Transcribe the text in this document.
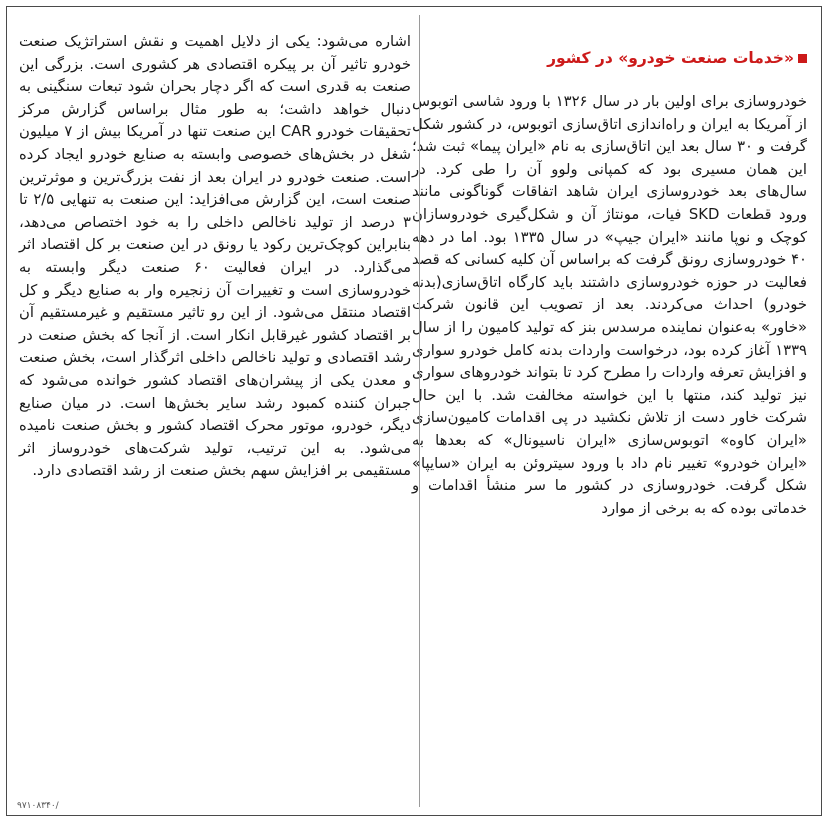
«خدمات صنعت خودرو» در کشور

خودروسازی برای اولین بار در سال ۱۳۲۶ با ورود شاسی اتوبوس از آمریکا به ایران و راه‌اندازی اتاق‌سازی اتوبوس، در کشور شکل گرفت و ۳۰ سال بعد این اتاق‌سازی به نام «ایران پیما» ثبت شد؛ این همان مسیری بود که کمپانی ولوو آن را طی کرد. در سال‌های بعد خودروسازی ایران شاهد اتفاقات گوناگونی مانند ورود قطعات SKD فیات، مونتاژ آن و شکل‌گیری خودروسازان کوچک و نوپا مانند «ایران جیپ» در سال ۱۳۳۵ بود. اما در دهه ۴۰ خودروسازی رونق گرفت که براساس آن کلیه کسانی که قصد فعالیت در حوزه خودروسازی داشتند باید کارگاه اتاق‌سازی(بدنه خودرو) احداث می‌کردند. بعد از تصویب این قانون شرکت «خاور» به‌عنوان نماینده مرسدس بنز که تولید کامیون را از سال ۱۳۳۹ آغاز کرده بود، درخواست واردات بدنه کامل خودرو سواری و افزایش تعرفه واردات را مطرح کرد تا بتواند خودروهای سواری نیز تولید کند، منتها با این خواسته مخالفت شد. با این حال شرکت خاور دست از تلاش نکشید در پی اقدامات کامیون‌سازی «ایران کاوه» اتوبوس‌سازی «ایران ناسیونال» که بعدها به «ایران خودرو» تغییر نام داد با ورود سیتروئن به ایران «سایپا» شکل گرفت. خودروسازی در کشور ما سر منشأ اقدامات و خدماتی بوده که به برخی از موارد

اشاره می‌شود: یکی از دلایل اهمیت و نقش استراتژیک صنعت خودرو تاثیر آن بر پیکره اقتصادی هر کشوری است. بزرگی این صنعت به قدری است که اگر دچار بحران شود تبعات سنگینی به دنبال خواهد داشت؛ به طور مثال براساس گزارش مرکز تحقیقات خودرو CAR این صنعت تنها در آمریکا بیش از ۷ میلیون شغل در بخش‌های خصوصی وابسته به صنایع خودرو ایجاد کرده است. صنعت خودرو در ایران بعد از نفت بزرگ‌ترین و موثرترین صنعت است، این گزارش می‌افزاید: این صنعت به تنهایی ۲/۵ تا ۳ درصد از تولید ناخالص داخلی را به خود اختصاص می‌دهد، بنابراین کوچک‌ترین رکود یا رونق در این صنعت بر کل اقتصاد اثر می‌گذارد. در ایران فعالیت ۶۰ صنعت دیگر وابسته به خودروسازی است و تغییرات آن زنجیره وار به صنایع دیگر و کل اقتصاد منتقل می‌شود. از این رو تاثیر مستقیم و غیرمستقیم آن بر اقتصاد کشور غیرقابل انکار است. از آنجا که بخش صنعت در رشد اقتصادی و تولید ناخالص داخلی اثرگذار است، بخش صنعت و معدن یکی از پیشران‌های اقتصاد کشور خوانده می‌شود که جبران کننده کمبود رشد سایر بخش‌ها است. در میان صنایع دیگر، خودرو، موتور محرک اقتصاد کشور و بخش صنعت نامیده می‌شود. به این ترتیب، تولید شرکت‌های خودروساز اثر مستقیمی بر افزایش سهم بخش صنعت از رشد اقتصادی دارد.

۹۷۱۰۸۳۴۰/
